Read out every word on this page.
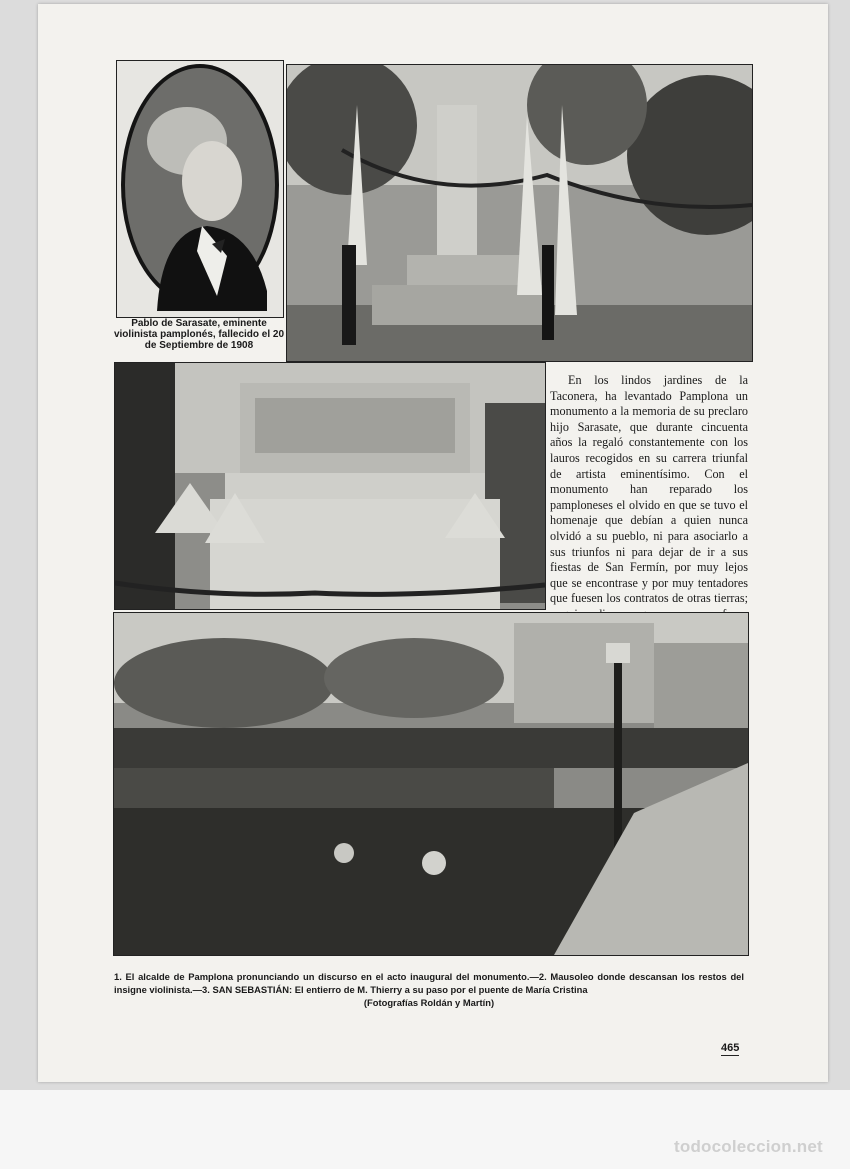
Pablo de Sarasate, eminente violinista pamplonés, fallecido el 20 de Septiembre de 1908

En los lindos jardines de la Taconera, ha levantado Pamplona un monumento a la memoria de su preclaro hijo Sarasate, que durante cincuenta años la regaló constantemente con los lauros recogidos en su carrera triunfal de artista eminentísimo. Con el monumento han reparado los pamploneses el olvido en que se tuvo el homenaje que debían a quien nunca olvidó a su pueblo, ni para asociarlo a sus triunfos ni para dejar de ir a sus fiestas de San Fermín, por muy lejos que se encontrase y por muy tentadores que fuesen los contratos de otras tierras;

1. El alcalde de Pamplona pronunciando un discurso en el acto inaugural del monumento.—2. Mausoleo donde descansan los restos del insigne violinista.—3. SAN SEBASTIÁN: El entierro de M. Thierry a su paso por el puente de María Cristina
(Fotografías Roldán y Martín)
465
todocoleccion.net
